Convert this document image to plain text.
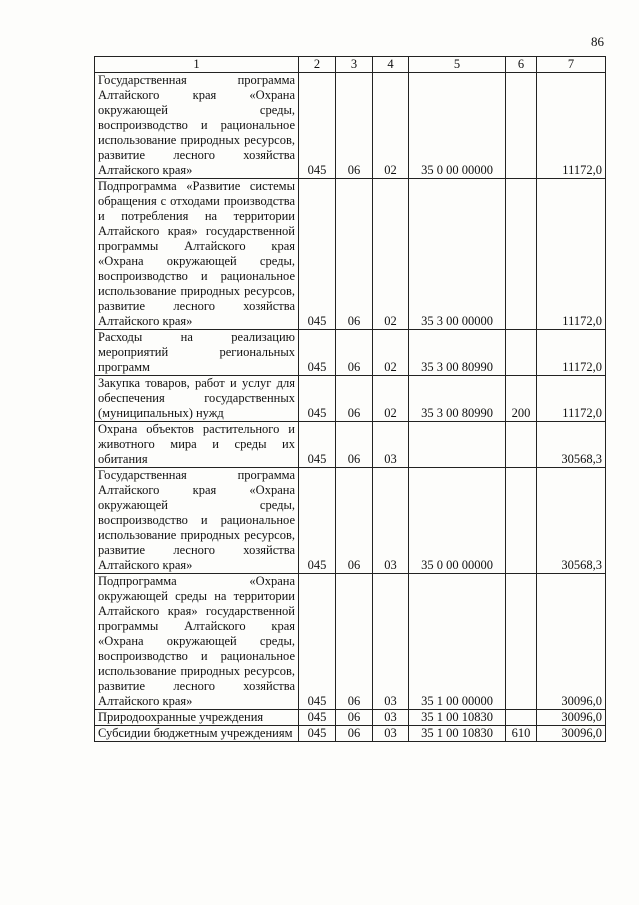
86
1	2	3	4	5	6	7
Государственная программа Алтайского края «Охрана окружающей среды, воспроизводство и рациональное использование природных ресурсов, развитие лесного хозяйства Алтайского края»	045	06	02	35 0 00 00000		11172,0
Подпрограмма «Развитие системы обращения с отходами производства и потребления на территории Алтайского края» государственной программы Алтайского края «Охрана окружающей среды, воспроизводство и рациональное использование природных ресурсов, развитие лесного хозяйства Алтайского края»	045	06	02	35 3 00 00000		11172,0
Расходы на реализацию мероприятий региональных программ	045	06	02	35 3 00 80990		11172,0
Закупка товаров, работ и услуг для обеспечения государственных (муниципальных) нужд	045	06	02	35 3 00 80990	200	11172,0
Охрана объектов растительного и животного мира и среды их обитания	045	06	03			30568,3
Государственная программа Алтайского края «Охрана окружающей среды, воспроизводство и рациональное использование природных ресурсов, развитие лесного хозяйства Алтайского края»	045	06	03	35 0 00 00000		30568,3
Подпрограмма «Охрана окружающей среды на территории Алтайского края» государственной программы Алтайского края «Охрана окружающей среды, воспроизводство и рациональное использование природных ресурсов, развитие лесного хозяйства Алтайского края»	045	06	03	35 1 00 00000		30096,0
Природоохранные учреждения	045	06	03	35 1 00 10830		30096,0
Субсидии бюджетным учреждениям	045	06	03	35 1 00 10830	610	30096,0
